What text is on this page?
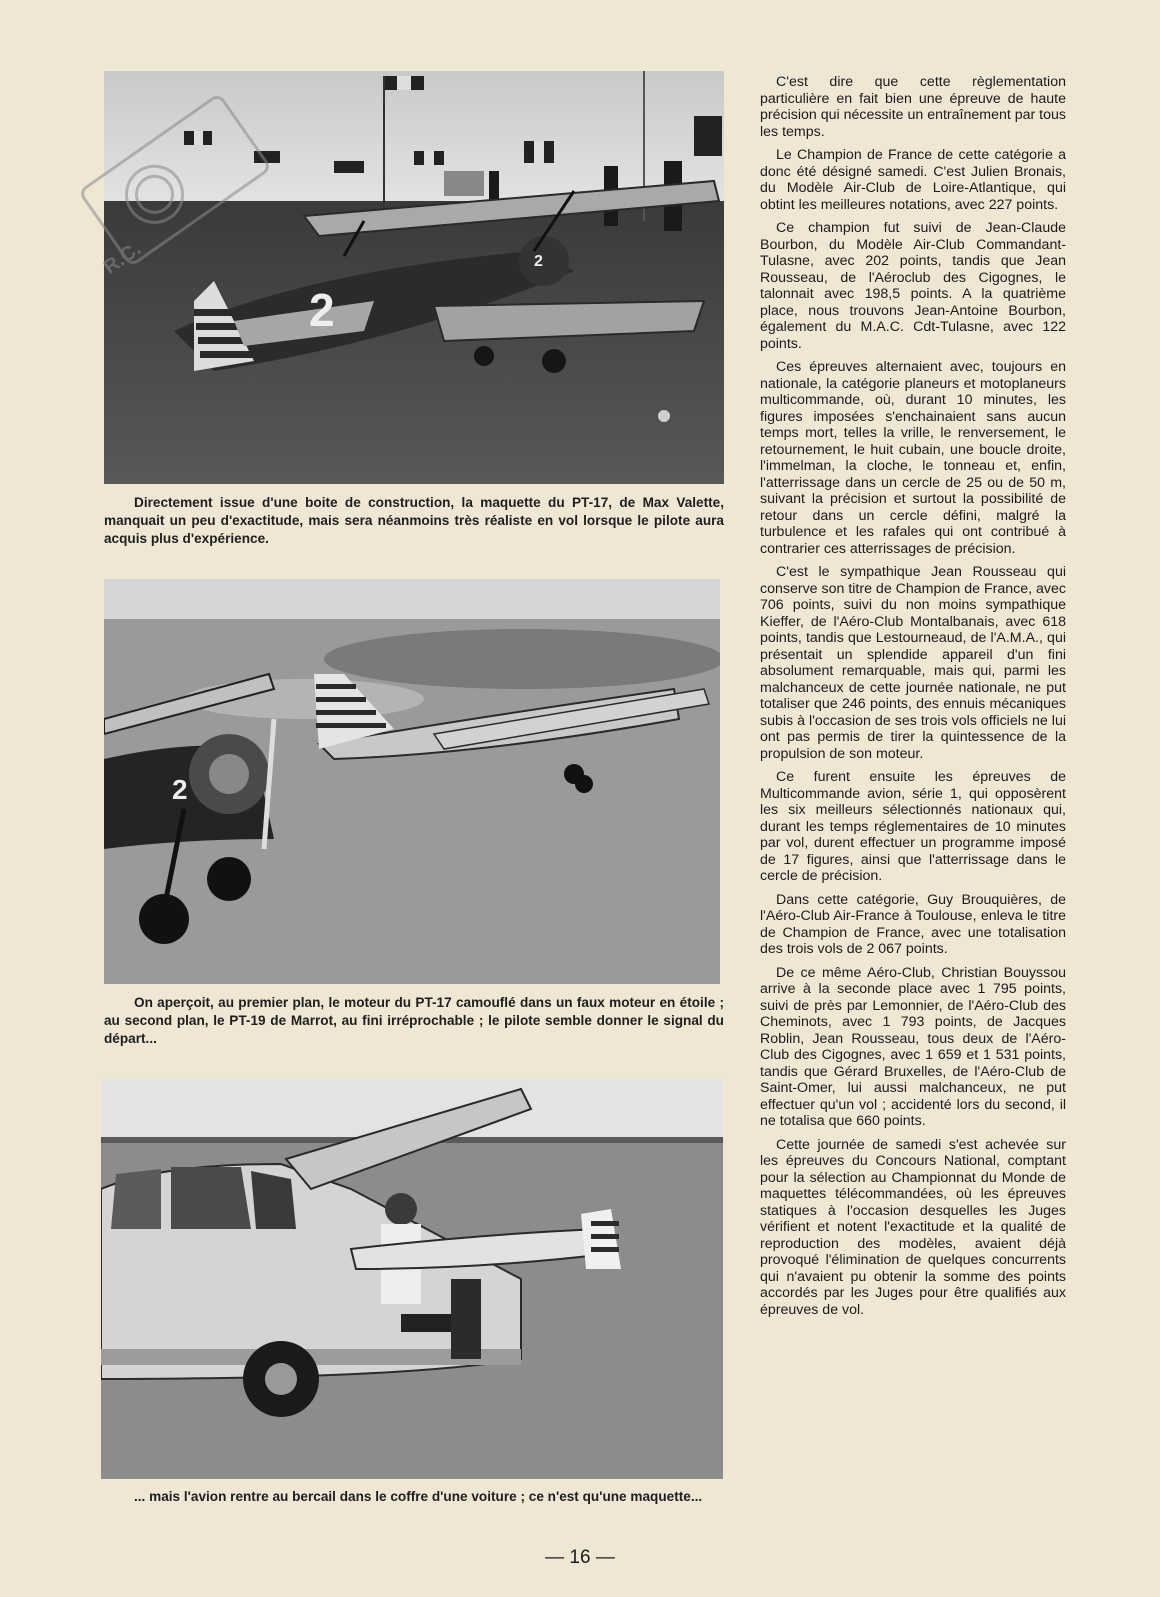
2
2
Directement issue d'une boite de construction, la maquette du PT-17, de Max Valette, manquait un peu d'exactitude, mais sera néanmoins très réaliste en vol lorsque le pilote aura acquis plus d'expérience.
2
On aperçoit, au premier plan, le moteur du PT-17 camouflé dans un faux moteur en étoile ; au second plan, le PT-19 de Marrot, au fini irréprochable ; le pilote semble donner le signal du départ...
... mais l'avion rentre au bercail dans le coffre d'une voiture ; ce n'est qu'une maquette...
R.C.

C'est dire que cette règlementation particulière en fait bien une épreuve de haute précision qui nécessite un entraînement par tous les temps.

Le Champion de France de cette catégorie a donc été désigné samedi. C'est Julien Bronais, du Modèle Air-Club de Loire-Atlantique, qui obtint les meilleures notations, avec 227 points.

Ce champion fut suivi de Jean-Claude Bourbon, du Modèle Air-Club Commandant-Tulasne, avec 202 points, tandis que Jean Rousseau, de l'Aéroclub des Cigognes, le talonnait avec 198,5 points. A la quatrième place, nous trouvons Jean-Antoine Bourbon, également du M.A.C. Cdt-Tulasne, avec 122 points.

Ces épreuves alternaient avec, toujours en nationale, la catégorie planeurs et motoplaneurs multicommande, où, durant 10 minutes, les figures imposées s'enchainaient sans aucun temps mort, telles la vrille, le renversement, le retournement, le huit cubain, une boucle droite, l'immelman, la cloche, le tonneau et, enfin, l'atterrissage dans un cercle de 25 ou de 50 m, suivant la précision et surtout la possibilité de retour dans un cercle défini, malgré la turbulence et les rafales qui ont contribué à contrarier ces atterrissages de précision.

C'est le sympathique Jean Rousseau qui conserve son titre de Champion de France, avec 706 points, suivi du non moins sympathique Kieffer, de l'Aéro-Club Montalbanais, avec 618 points, tandis que Lestourneaud, de l'A.M.A., qui présentait un splendide appareil d'un fini absolument remarquable, mais qui, parmi les malchanceux de cette journée nationale, ne put totaliser que 246 points, des ennuis mécaniques subis à l'occasion de ses trois vols officiels ne lui ont pas permis de tirer la quintessence de la propulsion de son moteur.

Ce furent ensuite les épreuves de Multicommande avion, série 1, qui opposèrent les six meilleurs sélectionnés nationaux qui, durant les temps réglementaires de 10 minutes par vol, durent effectuer un programme imposé de 17 figures, ainsi que l'atterrissage dans le cercle de précision.

Dans cette catégorie, Guy Brouquières, de l'Aéro-Club Air-France à Toulouse, enleva le titre de Champion de France, avec une totalisation des trois vols de 2 067 points.

De ce même Aéro-Club, Christian Bouyssou arrive à la seconde place avec 1 795 points, suivi de près par Lemonnier, de l'Aéro-Club des Cheminots, avec 1 793 points, de Jacques Roblin, Jean Rousseau, tous deux de l'Aéro-Club des Cigognes, avec 1 659 et 1 531 points, tandis que Gérard Bruxelles, de l'Aéro-Club de Saint-Omer, lui aussi malchanceux, ne put effectuer qu'un vol ; accidenté lors du second, il ne totalisa que 660 points.

Cette journée de samedi s'est achevée sur les épreuves du Concours National, comptant pour la sélection au Championnat du Monde de maquettes télécommandées, où les épreuves statiques à l'occasion desquelles les Juges vérifient et notent l'exactitude et la qualité de reproduction des modèles, avaient déjà provoqué l'élimination de quelques concurrents qui n'avaient pu obtenir la somme des points accordés par les Juges pour être qualifiés aux épreuves de vol.

— 16 —
